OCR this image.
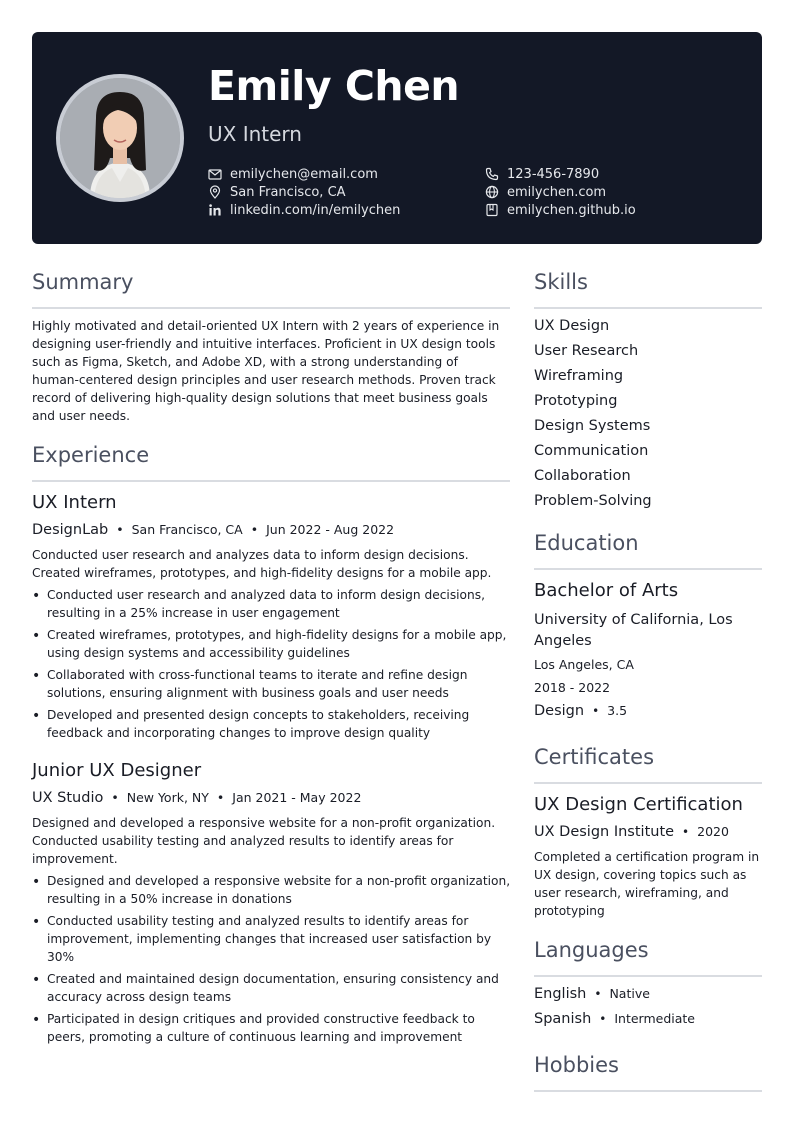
Emily Chen
UX Intern
emilychen@email.com
San Francisco, CA
linkedin.com/in/emilychen
123-456-7890
emilychen.com
emilychen.github.io
Summary
Highly motivated and detail-oriented UX Intern with 2 years of experience in
designing user-friendly and intuitive interfaces. Proficient in UX design tools
such as Figma, Sketch, and Adobe XD, with a strong understanding of
human-centered design principles and user research methods. Proven track
record of delivering high-quality design solutions that meet business goals
and user needs.
Experience
UX Intern
DesignLab • San Francisco, CA • Jun 2022 - Aug 2022
Conducted user research and analyzes data to inform design decisions.
Created wireframes, prototypes, and high-fidelity designs for a mobile app.
• Conducted user research and analyzed data to inform design decisions,
resulting in a 25% increase in user engagement
• Created wireframes, prototypes, and high-fidelity designs for a mobile app,
using design systems and accessibility guidelines
• Collaborated with cross-functional teams to iterate and refine design
solutions, ensuring alignment with business goals and user needs
• Developed and presented design concepts to stakeholders, receiving
feedback and incorporating changes to improve design quality
Junior UX Designer
UX Studio • New York, NY • Jan 2021 - May 2022
Designed and developed a responsive website for a non-profit organization.
Conducted usability testing and analyzed results to identify areas for
improvement.
• Designed and developed a responsive website for a non-profit organization,
resulting in a 50% increase in donations
• Conducted usability testing and analyzed results to identify areas for
improvement, implementing changes that increased user satisfaction by
30%
• Created and maintained design documentation, ensuring consistency and
accuracy across design teams
• Participated in design critiques and provided constructive feedback to
peers, promoting a culture of continuous learning and improvement
Skills
UX Design
User Research
Wireframing
Prototyping
Design Systems
Communication
Collaboration
Problem-Solving
Education
Bachelor of Arts
University of California, Los
Angeles
Los Angeles, CA
2018 - 2022
Design • 3.5
Certificates
UX Design Certification
UX Design Institute • 2020
Completed a certification program in
UX design, covering topics such as
user research, wireframing, and
prototyping
Languages
English • Native
Spanish • Intermediate
Hobbies
